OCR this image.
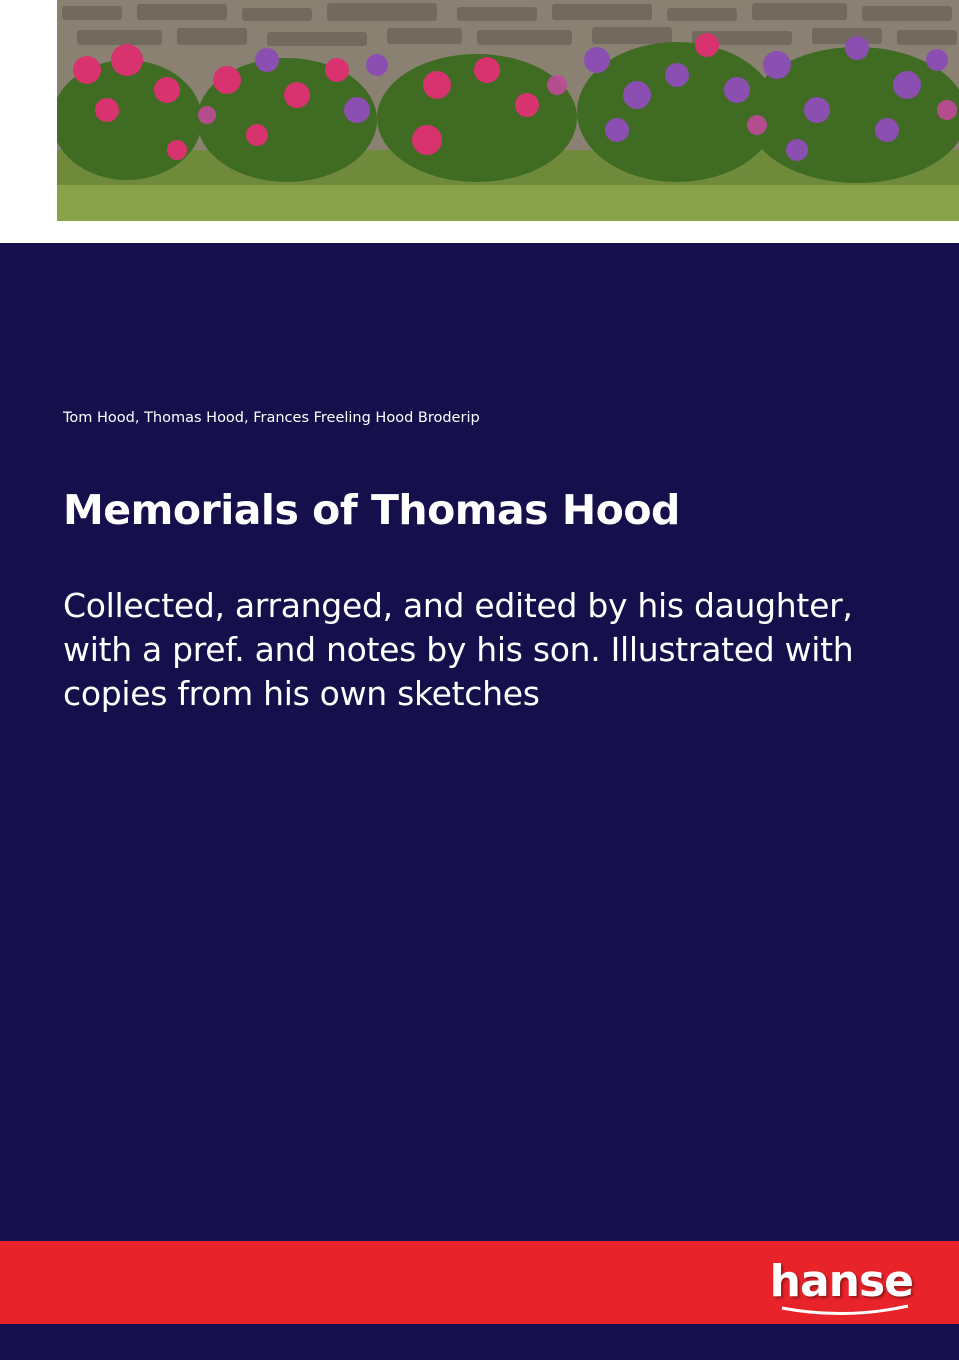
Tom Hood, Thomas Hood, Frances Freeling Hood Broderip
Memorials of Thomas Hood

Collected, arranged, and edited by his daughter, with a pref. and notes by his son. Illustrated with copies from his own sketches

hanse
